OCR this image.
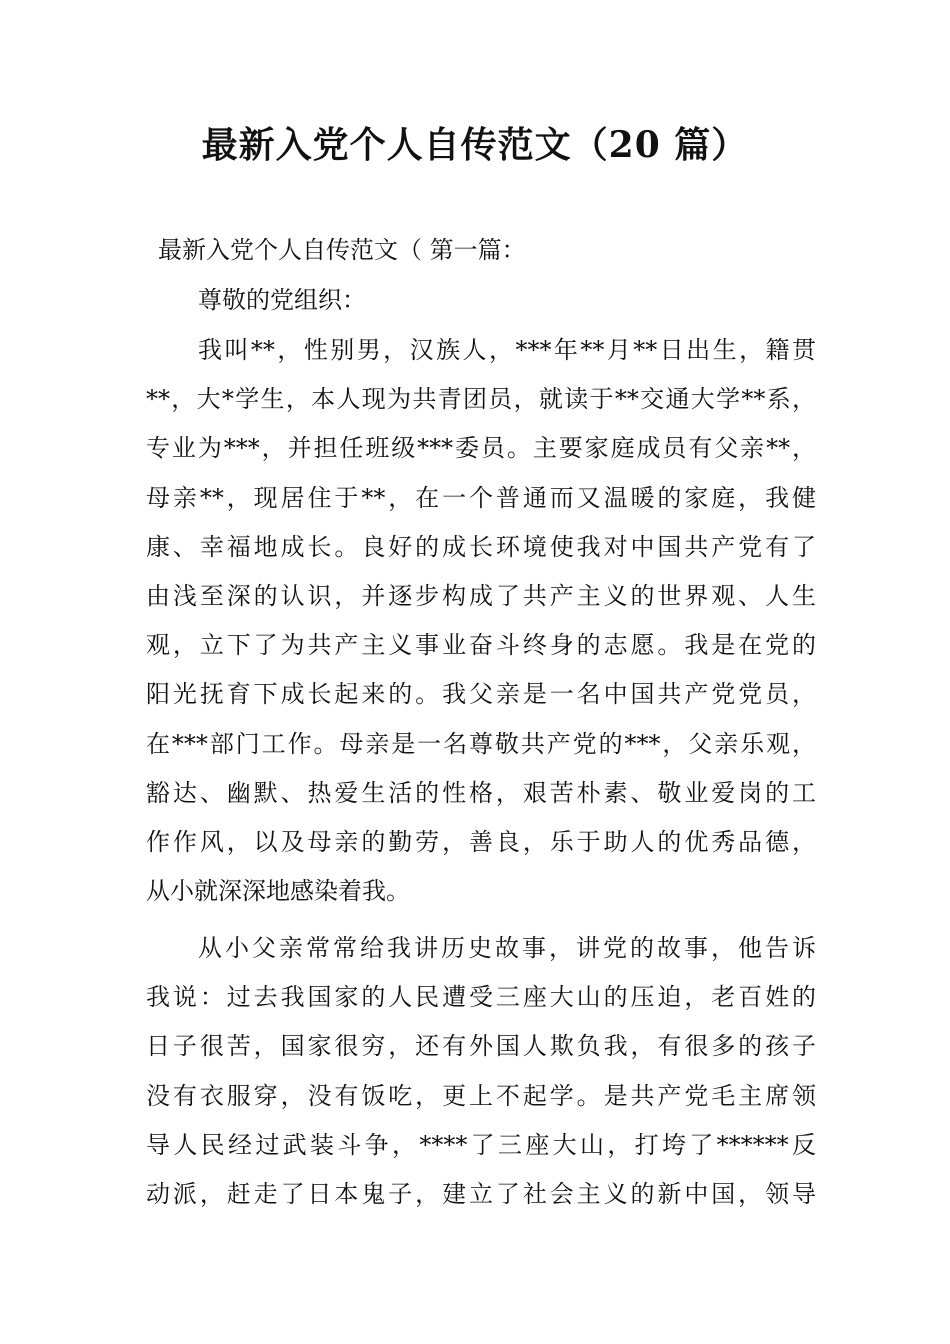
最新入党个人自传范文（20 篇）
最新入党个人自传范文（ 第一篇：
尊敬的党组织：
我叫**，性别男，汉族人，***年**月**日出生，籍贯
**，大*学生，本人现为共青团员，就读于**交通大学**系，
专业为***，并担任班级***委员。主要家庭成员有父亲**，
母亲**，现居住于**，在一个普通而又温暖的家庭，我健
康、幸福地成长。良好的成长环境使我对中国共产党有了
由浅至深的认识，并逐步构成了共产主义的世界观、人生
观，立下了为共产主义事业奋斗终身的志愿。我是在党的
阳光抚育下成长起来的。我父亲是一名中国共产党党员，
在***部门工作。母亲是一名尊敬共产党的***，父亲乐观，
豁达、幽默、热爱生活的性格，艰苦朴素、敬业爱岗的工
作作风，以及母亲的勤劳，善良，乐于助人的优秀品德，
从小就深深地感染着我。
从小父亲常常给我讲历史故事，讲党的故事，他告诉
我说：过去我国家的人民遭受三座大山的压迫，老百姓的
日子很苦，国家很穷，还有外国人欺负我，有很多的孩子
没有衣服穿，没有饭吃，更上不起学。是共产党毛主席领
导人民经过武装斗争，****了三座大山，打垮了******反
动派，赶走了日本鬼子，建立了社会主义的新中国，领导
